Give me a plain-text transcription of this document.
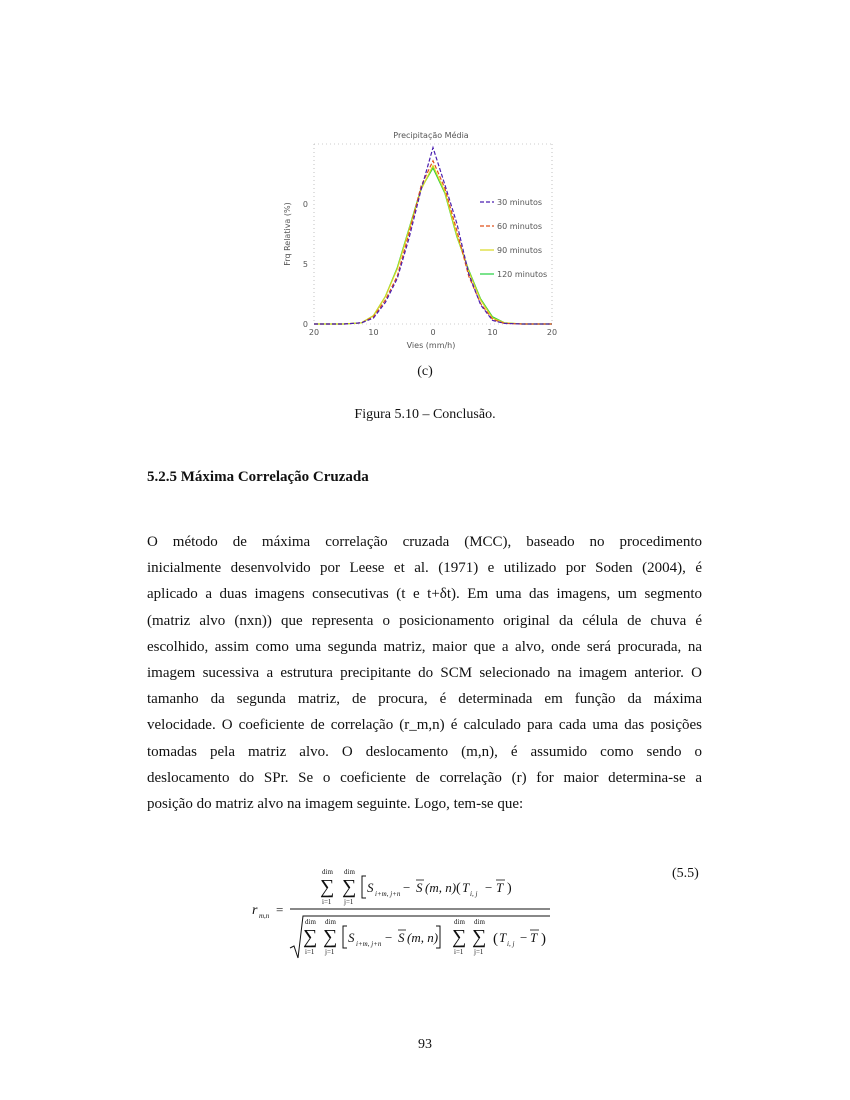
Precipitação Média
Frq Relativa (%)
Vies (mm/h)
20	10	0	10	20
0
5
0	30 minutos
60 minutos
90 minutos
120 minutos
(c)
Figura 5.10 – Conclusão.
5.2.5 Máxima Correlação Cruzada
O método de máxima correlação cruzada (MCC), baseado no procedimento
inicialmente desenvolvido por Leese et al. (1971) e utilizado por Soden (2004), é
aplicado a duas imagens consecutivas (t e t+δt). Em uma das imagens, um segmento
(matriz alvo (nxn)) que representa o posicionamento original da célula de chuva é
escolhido, assim como uma segunda matriz, maior que a alvo, onde será procurada, na
imagem sucessiva a estrutura precipitante do SCM selecionado na imagem anterior. O
tamanho da segunda matriz, de procura, é determinada em função da máxima
velocidade. O coeficiente de correlação (r_m,n) é calculado para cada uma das posições
tomadas pela matriz alvo. O deslocamento (m,n), é assumido como sendo o
deslocamento do SPr. Se o coeficiente de correlação (r) for maior determina-se a
posição do matriz alvo na imagem seguinte. Logo, tem-se que:
r m,n =
dim
∑
i=1
dim
∑
j=1
S i+m, j+n − S (m, n) ( T i, j − T )
dim
∑
i=1
dim
∑
j=1
S i+m, j+n − S (m, n)
dim
∑
i=1
dim
∑
j=1
( T i, j − T )
(5.5)
93
